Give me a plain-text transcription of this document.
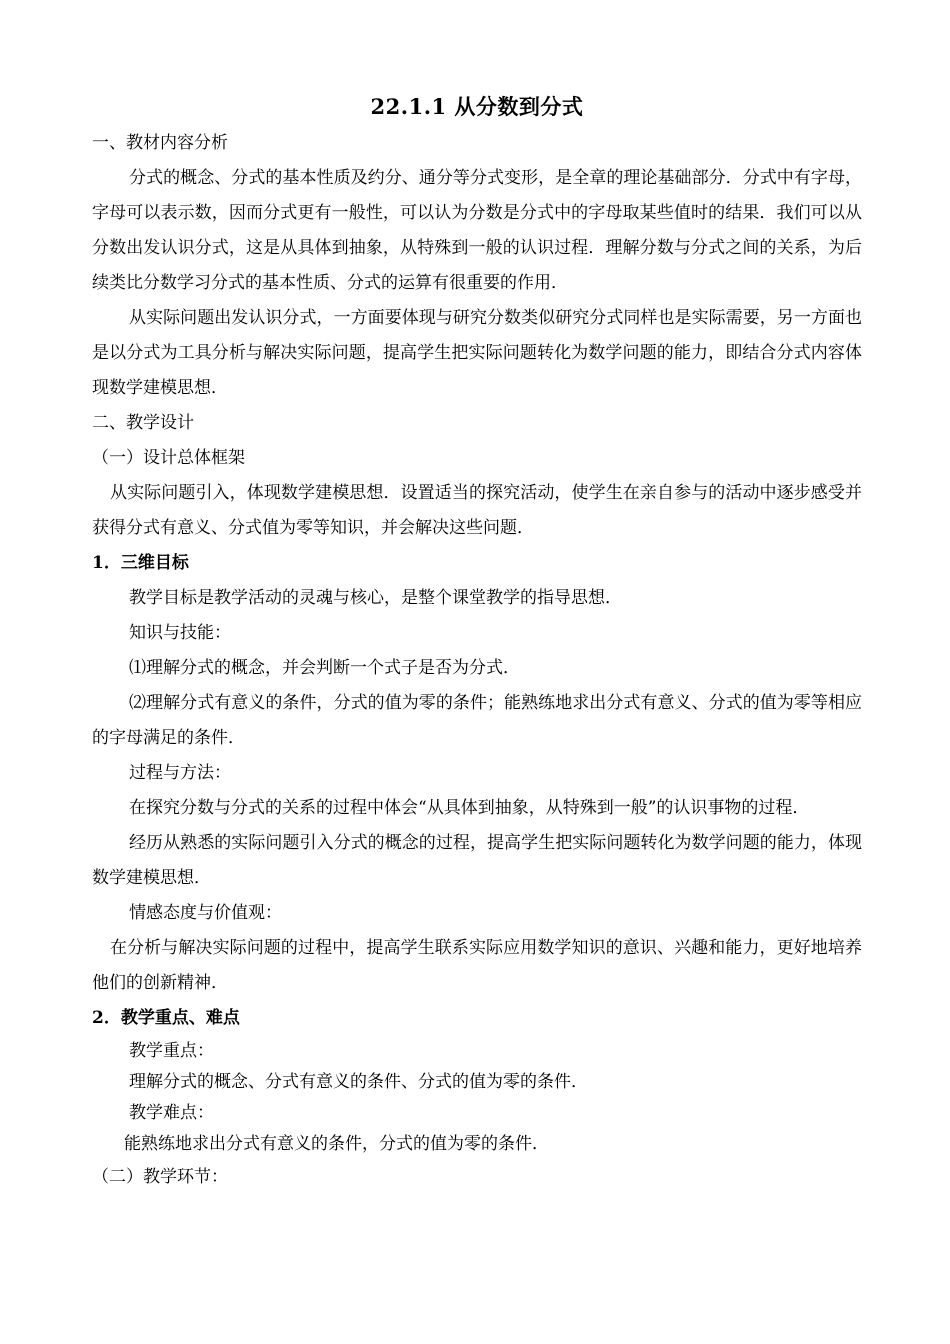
22.1.1 从分数到分式

一、教材内容分析

分式的概念、分式的基本性质及约分、通分等分式变形，是全章的理论基础部分．分式中有字母，字母可以表示数，因而分式更有一般性，可以认为分数是分式中的字母取某些值时的结果．我们可以从分数出发认识分式，这是从具体到抽象，从特殊到一般的认识过程．理解分数与分式之间的关系，为后续类比分数学习分式的基本性质、分式的运算有很重要的作用．

从实际问题出发认识分式，一方面要体现与研究分数类似研究分式同样也是实际需要，另一方面也是以分式为工具分析与解决实际问题，提高学生把实际问题转化为数学问题的能力，即结合分式内容体现数学建模思想．

二、教学设计

（一）设计总体框架

从实际问题引入，体现数学建模思想．设置适当的探究活动，使学生在亲自参与的活动中逐步感受并获得分式有意义、分式值为零等知识，并会解决这些问题．

1．三维目标

教学目标是教学活动的灵魂与核心，是整个课堂教学的指导思想．

知识与技能：

⑴理解分式的概念，并会判断一个式子是否为分式．

⑵理解分式有意义的条件，分式的值为零的条件；能熟练地求出分式有意义、分式的值为零等相应的字母满足的条件．

过程与方法：

在探究分数与分式的关系的过程中体会“从具体到抽象，从特殊到一般”的认识事物的过程．

经历从熟悉的实际问题引入分式的概念的过程，提高学生把实际问题转化为数学问题的能力，体现数学建模思想．

情感态度与价值观：

在分析与解决实际问题的过程中，提高学生联系实际应用数学知识的意识、兴趣和能力，更好地培养他们的创新精神．

2．教学重点、难点

教学重点：

理解分式的概念、分式有意义的条件、分式的值为零的条件．

教学难点：

能熟练地求出分式有意义的条件，分式的值为零的条件．

（二）教学环节：
